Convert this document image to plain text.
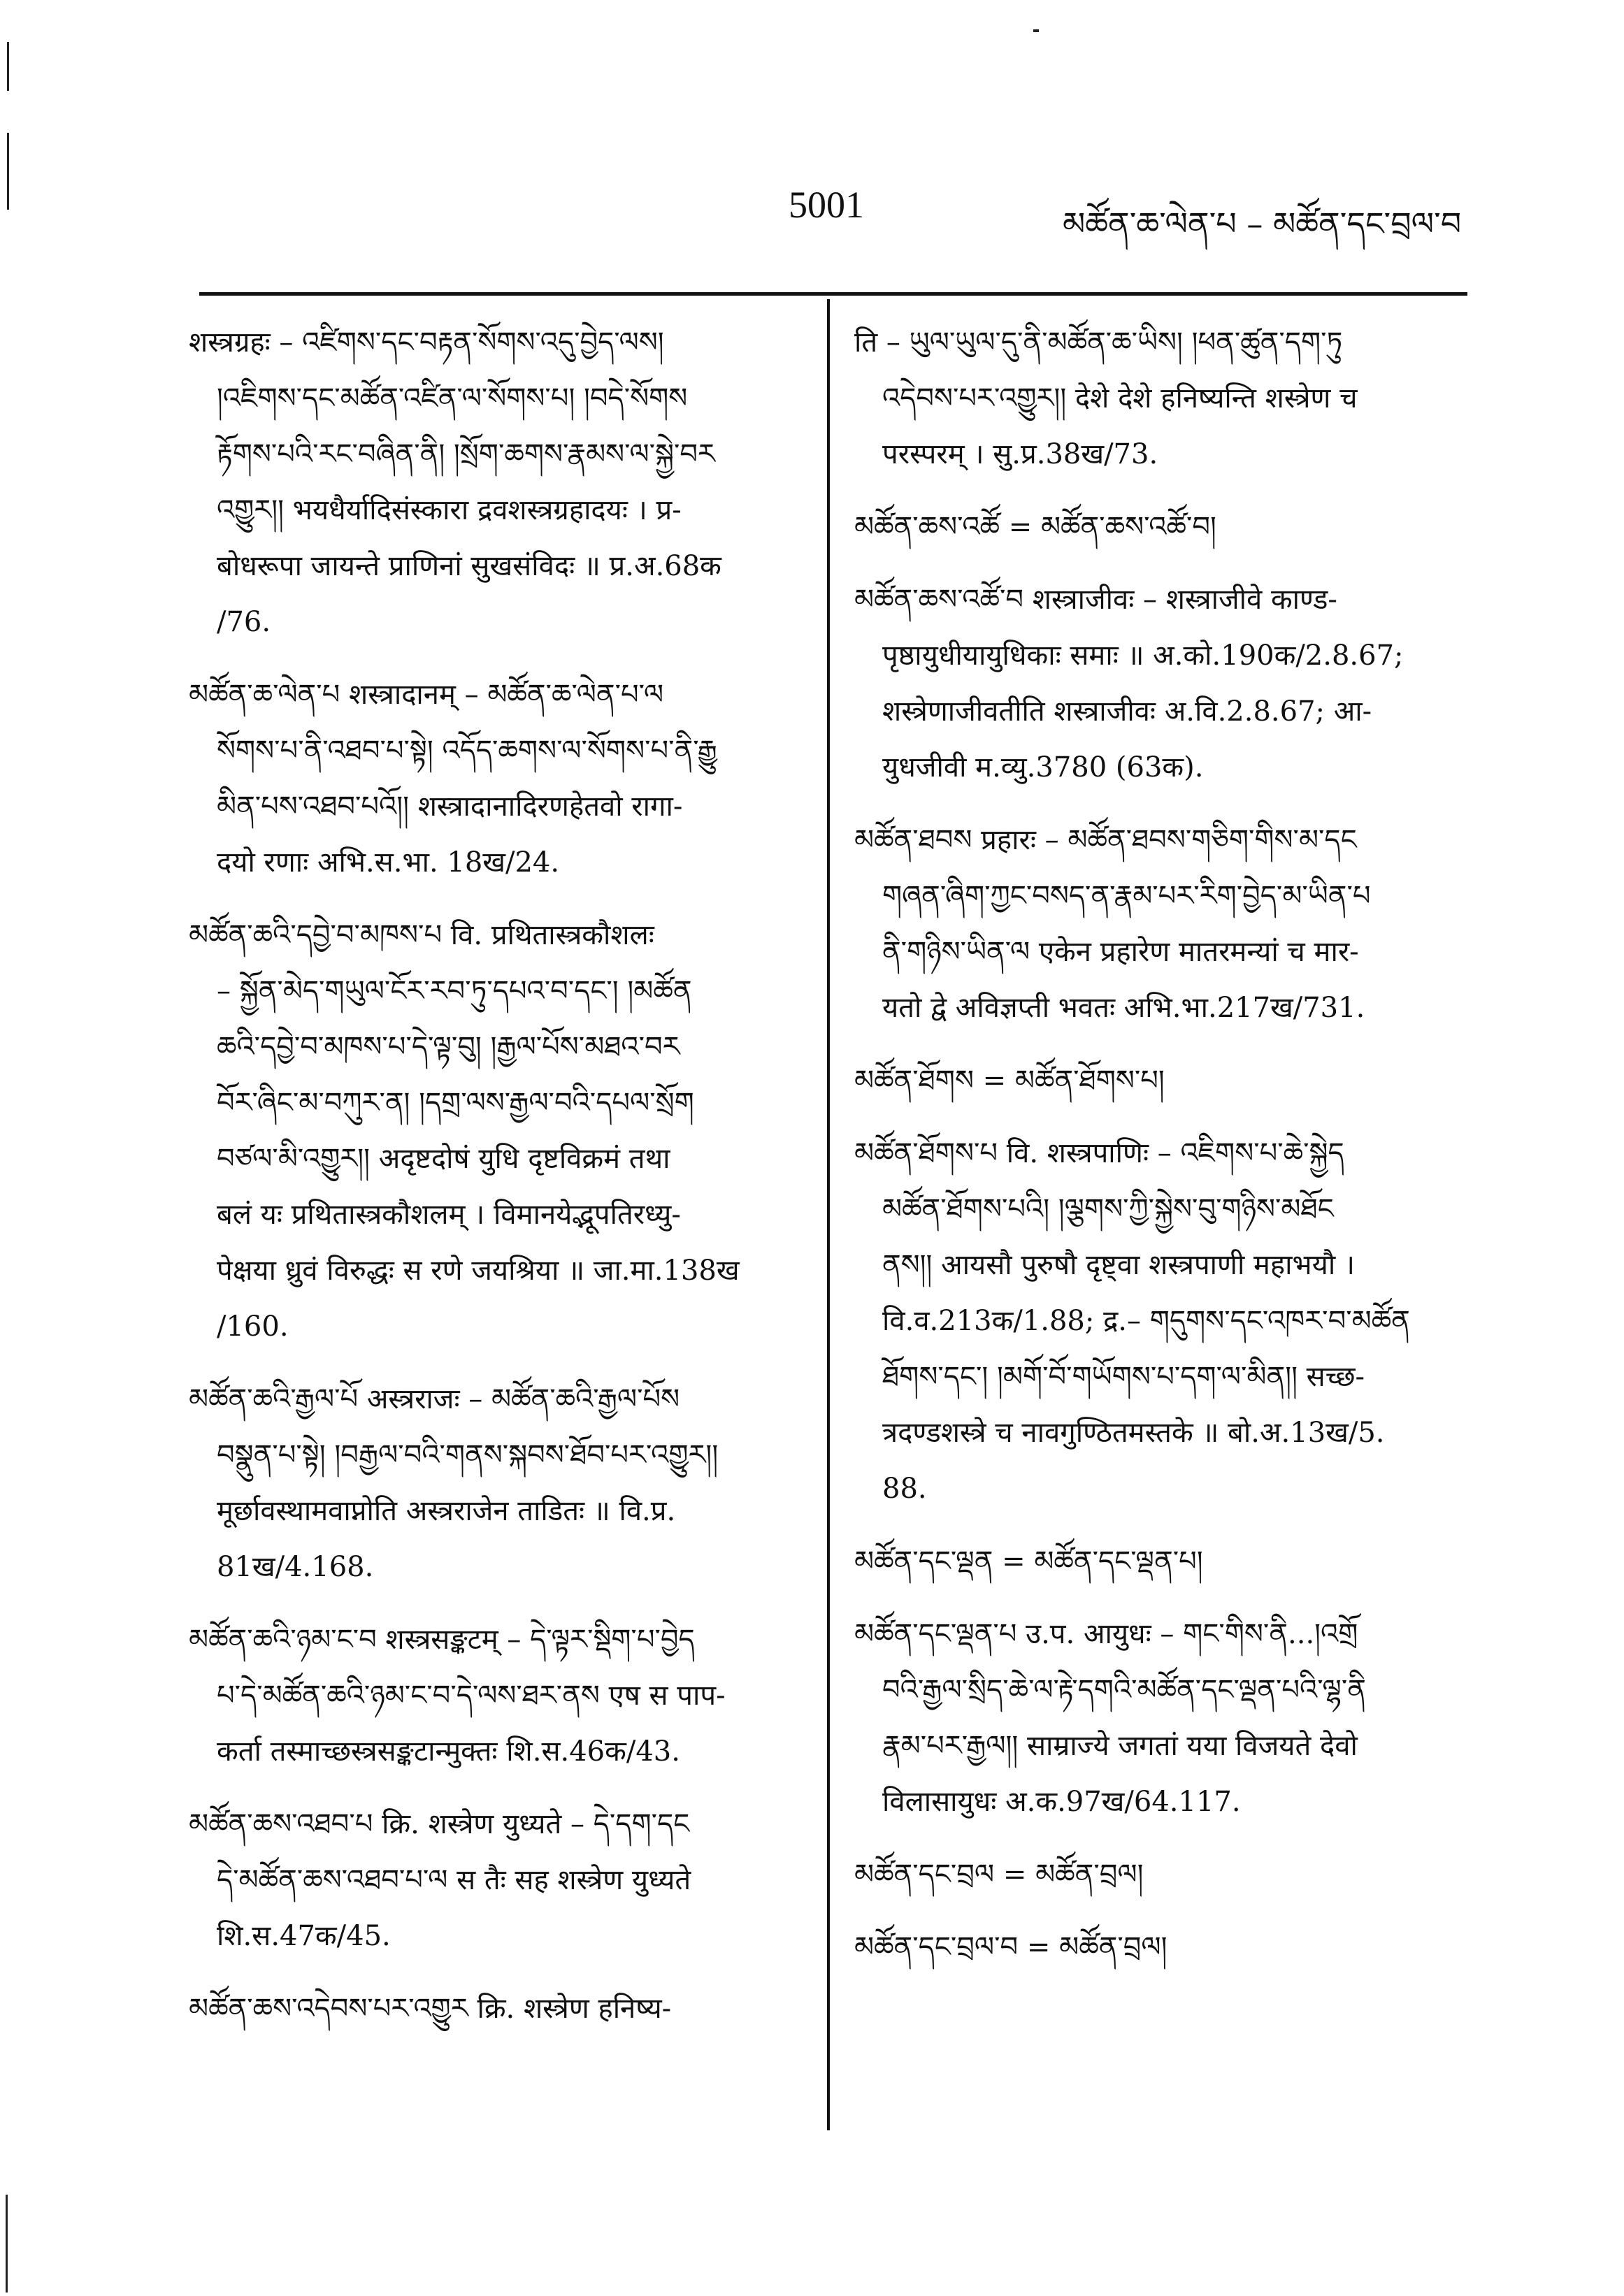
5001	མཚོན་ཆ་ལེན་པ – མཚོན་དང་བྲལ་བ
शस्त्रग्रहः – འཛིགས་དང་བརྟན་སོགས་འདུ་བྱེད་ལས།
།འཇིགས་དང་མཚོན་འཛིན་ལ་སོགས་པ། །བདེ་སོགས
རྟོགས་པའི་རང་བཞིན་ནི། །སྲོག་ཆགས་རྣམས་ལ་སྐྱེ་བར
འགྱུར།། भयधैर्यादिसंस्कारा द्रवशस्त्रग्रहादयः । प्र-
बोधरूपा जायन्ते प्राणिनां सुखसंविदः ॥ प्र.अ.68क
/76.
མཚོན་ཆ་ལེན་པ शस्त्रादानम् – མཚོན་ཆ་ལེན་པ་ལ
སོགས་པ་ནི་འཐབ་པ་སྟེ། འདོད་ཆགས་ལ་སོགས་པ་ནི་རྒྱུ
མིན་པས་འཐབ་པའོ།། शस्त्रादानादिरणहेतवो रागा-
दयो रणाः अभि.स.भा. 18ख/24.
མཚོན་ཆའི་དབྱེ་བ་མཁས་པ वि. प्रथितास्त्रकौशलः
– སྐྱོན་མེད་གཡུལ་ངོར་རབ་ཏུ་དཔའ་བ་དང་། །མཚོན
ཆའི་དབྱེ་བ་མཁས་པ་དེ་ལྟ་བུ། །རྒྱལ་པོས་མཐའ་བར
བོར་ཞིང་མ་བཀུར་ན། །དགྲ་ལས་རྒྱལ་བའི་དཔལ་སྲོག
བཙལ་མི་འགྱུར།། अदृष्टदोषं युधि दृष्टविक्रमं तथा
बलं यः प्रथितास्त्रकौशलम् । विमानयेद्भूपतिरध्यु-
पेक्षया ध्रुवं विरुद्धः स रणे जयश्रिया ॥ जा.मा.138ख
/160.
མཚོན་ཆའི་རྒྱལ་པོ अस्त्रराजः – མཚོན་ཆའི་རྒྱལ་པོས
བསྣུན་པ་སྟེ། །བརྒྱལ་བའི་གནས་སྐབས་ཐོབ་པར་འགྱུར།།
मूर्छावस्थामवाप्नोति अस्त्रराजेन ताडितः ॥ वि.प्र.
81ख/4.168.
མཚོན་ཆའི་ཉམ་ང་བ शस्त्रसङ्कटम् – དེ་ལྟར་སྡིག་པ་བྱེད
པ་དེ་མཚོན་ཆའི་ཉམ་ང་བ་དེ་ལས་ཐར་ནས एष स पाप-
कर्ता तस्माच्छस्त्रसङ्कटान्मुक्तः शि.स.46क/43.
མཚོན་ཆས་འཐབ་པ क्रि. शस्त्रेण युध्यते – དེ་དག་དང
དེ་མཚོན་ཆས་འཐབ་པ་ལ स तैः सह शस्त्रेण युध्यते
शि.स.47क/45.
མཚོན་ཆས་འདེབས་པར་འགྱུར क्रि. शस्त्रेण हनिष्य-
ति – ཡུལ་ཡུལ་དུ་ནི་མཚོན་ཆ་ཡིས། །ཕན་ཚུན་དག་ཏུ
འདེབས་པར་འགྱུར།། देशे देशे हनिष्यन्ति शस्त्रेण च
परस्परम् । सु.प्र.38ख/73.
མཚོན་ཆས་འཚོ = མཚོན་ཆས་འཚོ་བ།
མཚོན་ཆས་འཚོ་བ शस्त्राजीवः – शस्त्राजीवे काण्ड-
पृष्ठायुधीयायुधिकाः समाः ॥ अ.को.190क/2.8.67;
शस्त्रेणाजीवतीति शस्त्राजीवः अ.वि.2.8.67; आ-
युधजीवी म.व्यु.3780 (63क).
མཚོན་ཐབས प्रहारः – མཚོན་ཐབས་གཅིག་གིས་མ་དང
གཞན་ཞིག་ཀྱང་བསད་ན་རྣམ་པར་རིག་བྱེད་མ་ཡིན་པ
ནི་གཉིས་ཡིན་ལ एकेन प्रहारेण मातरमन्यां च मार-
यतो द्वे अविज्ञप्ती भवतः अभि.भा.217ख/731.
མཚོན་ཐོགས = མཚོན་ཐོགས་པ།
མཚོན་ཐོགས་པ वि. शस्त्रपाणिः – འཇིགས་པ་ཆེ་སྐྱེད
མཚོན་ཐོགས་པའི། །ལྕགས་ཀྱི་སྐྱེས་བུ་གཉིས་མཐོང
ནས།། आयसौ पुरुषौ दृष्ट्वा शस्त्रपाणी महाभयौ ।
वि.व.213क/1.88; द्र.– གདུགས་དང་འཁར་བ་མཚོན
ཐོགས་དང་། །མགོ་བོ་གཡོགས་པ་དག་ལ་མིན།། सच्छ-
त्रदण्डशस्त्रे च नावगुण्ठितमस्तके ॥ बो.अ.13ख/5.
88.
མཚོན་དང་ལྡན = མཚོན་དང་ལྡན་པ།
མཚོན་དང་ལྡན་པ उ.प. आयुधः – གང་གིས་ནི...།འགྲོ
བའི་རྒྱལ་སྲིད་ཆེ་ལ་རྟེ་དགའི་མཚོན་དང་ལྡན་པའི་ལྷ་ནི
རྣམ་པར་རྒྱལ།། साम्राज्ये जगतां यया विजयते देवो
विलासायुधः अ.क.97ख/64.117.
མཚོན་དང་བྲལ = མཚོན་བྲལ།
མཚོན་དང་བྲལ་བ = མཚོན་བྲལ།
